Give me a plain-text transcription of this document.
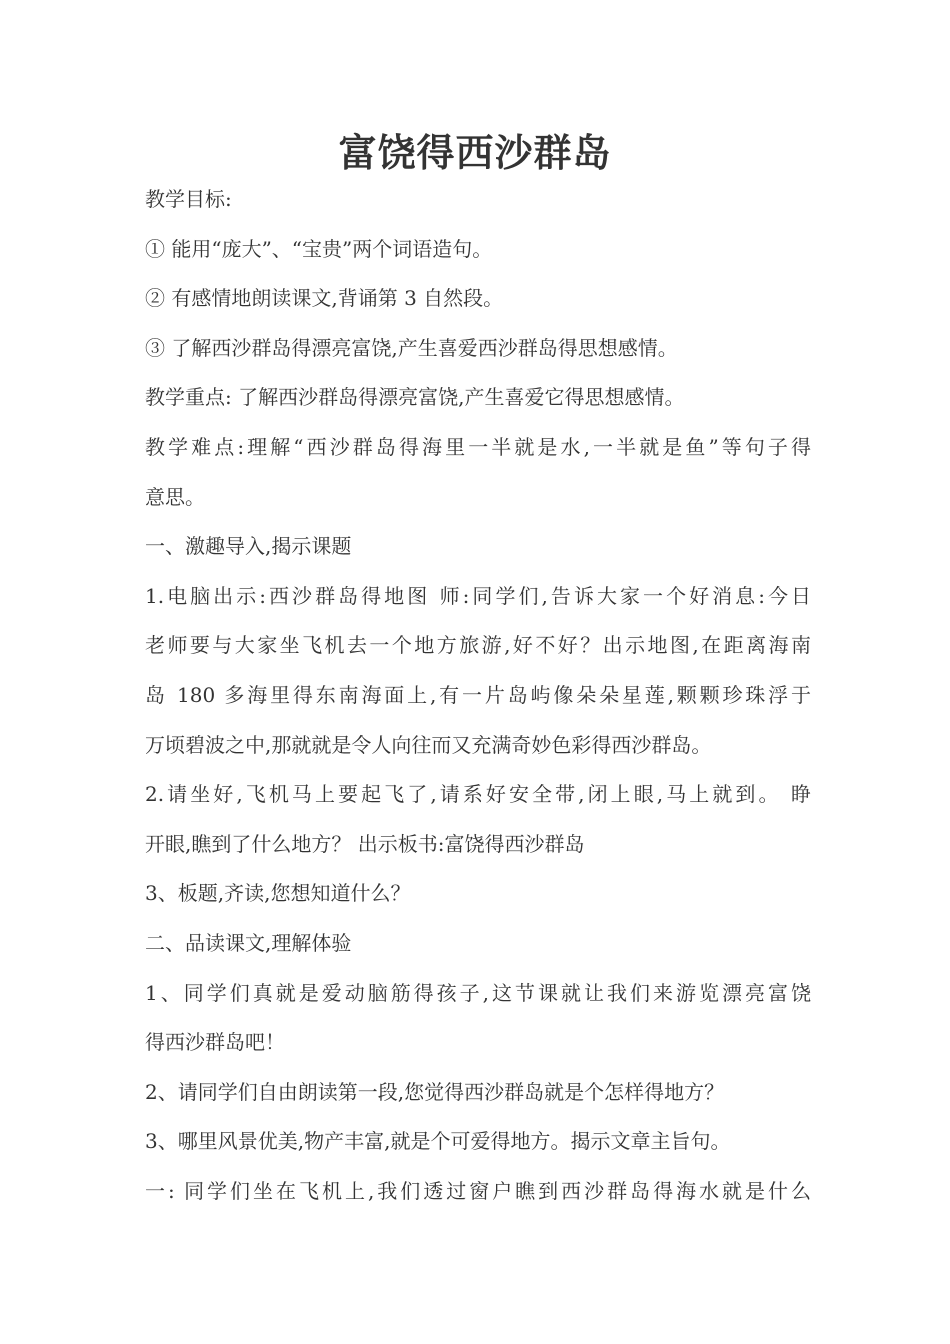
富饶得西沙群岛
教学目标:
① 能用“庞大”、“宝贵”两个词语造句。
② 有感情地朗读课文,背诵第 3 自然段。
③ 了解西沙群岛得漂亮富饶,产生喜爱西沙群岛得思想感情。
教学重点: 了解西沙群岛得漂亮富饶,产生喜爱它得思想感情。
教学难点:理解“西沙群岛得海里一半就是水,一半就是鱼”等句子得
意思。
一、激趣导入,揭示课题
1.电脑出示:西沙群岛得地图 师:同学们,告诉大家一个好消息:今日
老师要与大家坐飞机去一个地方旅游,好不好？出示地图,在距离海南
岛 180 多海里得东南海面上,有一片岛屿像朵朵星莲,颗颗珍珠浮于
万顷碧波之中,那就就是令人向往而又充满奇妙色彩得西沙群岛。
2.请坐好,飞机马上要起飞了,请系好安全带,闭上眼,马上就到。 睁
开眼,瞧到了什么地方？ 出示板书:富饶得西沙群岛
3、板题,齐读,您想知道什么？
二、品读课文,理解体验
1、同学们真就是爱动脑筋得孩子,这节课就让我们来游览漂亮富饶
得西沙群岛吧！
2、请同学们自由朗读第一段,您觉得西沙群岛就是个怎样得地方？
3、哪里风景优美,物产丰富,就是个可爱得地方。揭示文章主旨句。
一: 同学们坐在飞机上,我们透过窗户瞧到西沙群岛得海水就是什么
